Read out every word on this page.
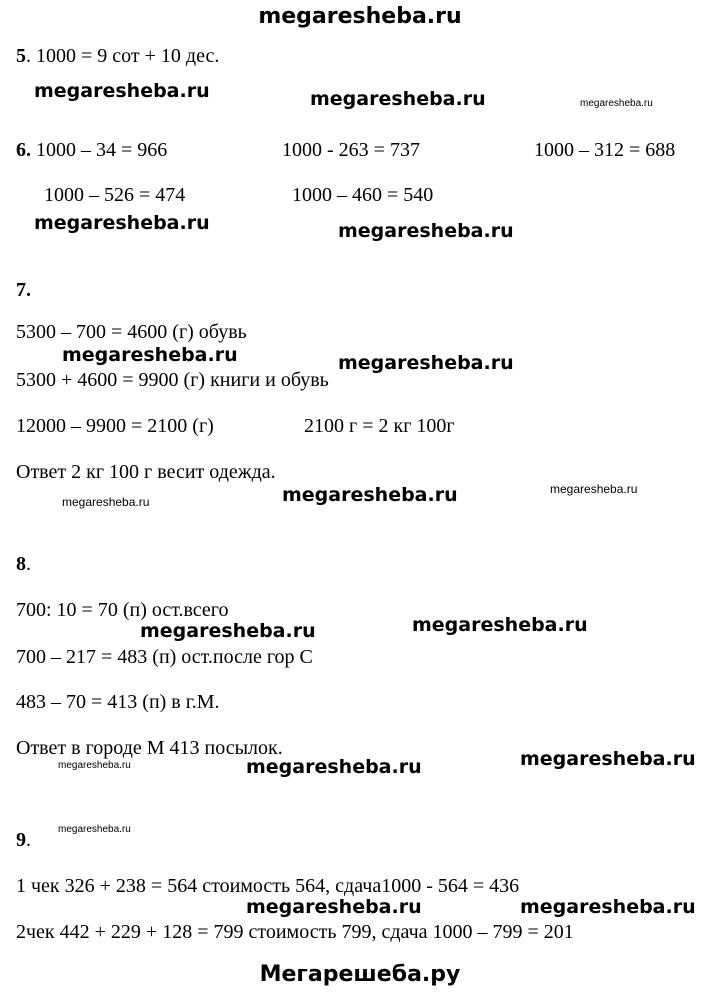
megaresheba.ru
5. 1000 = 9 сот + 10 дес.
megaresheba.ru	megaresheba.ru	megaresheba.ru
6. 1000 – 34 = 966	1000 - 263 = 737	1000 – 312 = 688
1000 – 526 = 474	1000 – 460 = 540
megaresheba.ru	megaresheba.ru
7.
5300 – 700 = 4600 (г) обувь
megaresheba.ru	megaresheba.ru
5300 + 4600 = 9900 (г) книги и обувь
12000 – 9900 = 2100 (г)	2100 г = 2 кг 100г
Ответ 2 кг 100 г весит одежда.
megaresheba.ru	megaresheba.ru	megaresheba.ru
8.
700: 10 = 70 (п) ост.всего
megaresheba.ru	megaresheba.ru
700 – 217 = 483 (п) ост.после гор С
483 – 70 = 413 (п) в г.М.
Ответ в городе М 413 посылок.
megaresheba.ru	megaresheba.ru	megaresheba.ru
megaresheba.ru
9.
1 чек 326 + 238 = 564 стоимость 564, сдача1000 - 564 = 436
megaresheba.ru	megaresheba.ru
2чек 442 + 229 + 128 = 799 стоимость 799, сдача 1000 – 799 = 201
Мегарешеба.ру
